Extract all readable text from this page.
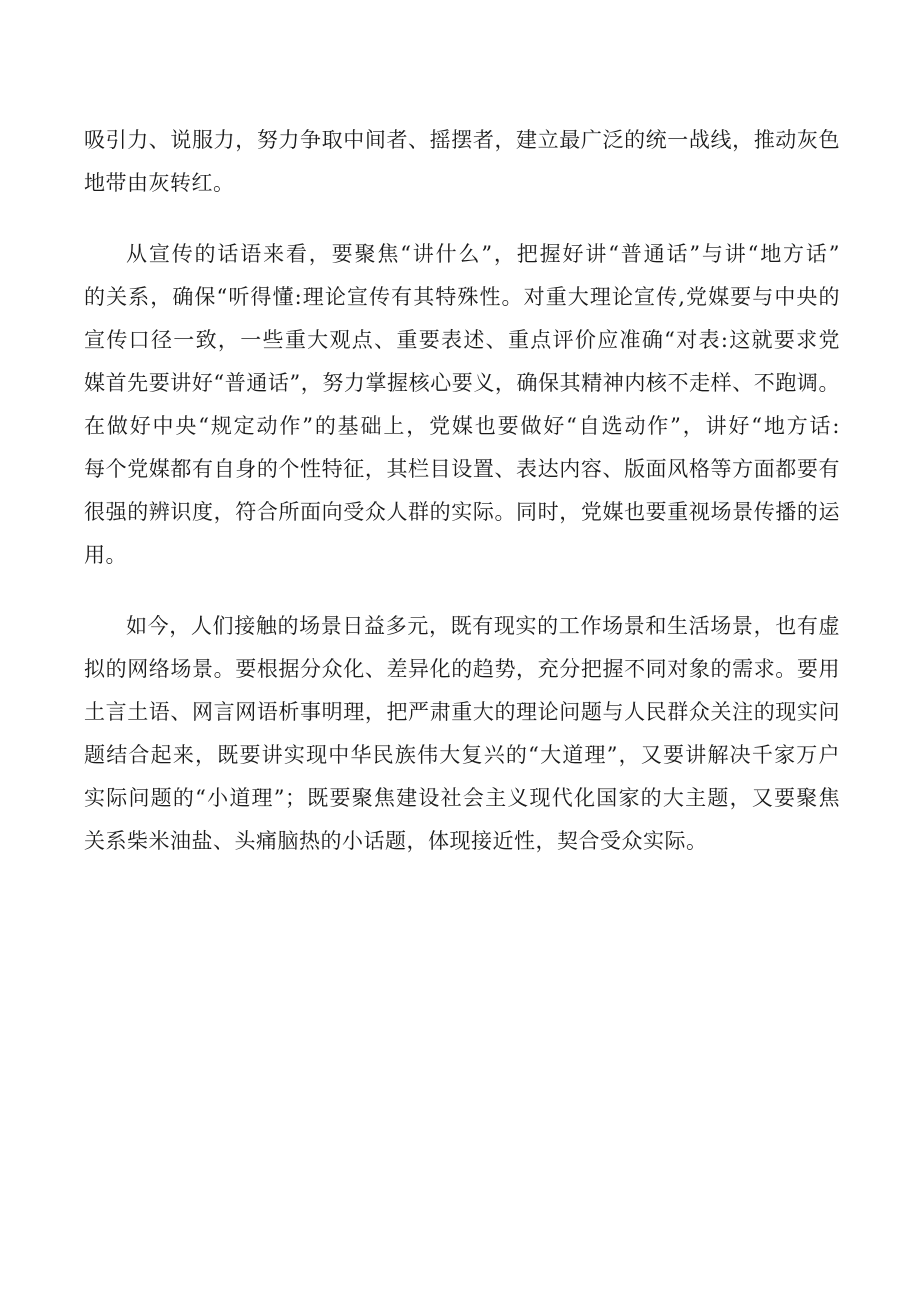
吸引力、说服力，努力争取中间者、摇摆者，建立最广泛的统一战线，推动灰色
地带由灰转红。
从宣传的话语来看，要聚焦“讲什么”，把握好讲“普通话”与讲“地方话”
的关系，确保“听得懂:理论宣传有其特殊性。对重大理论宣传,党媒要与中央的
宣传口径一致，一些重大观点、重要表述、重点评价应准确“对表:这就要求党
媒首先要讲好“普通话”，努力掌握核心要义，确保其精神内核不走样、不跑调。
在做好中央“规定动作”的基础上，党媒也要做好“自选动作”，讲好“地方话:
每个党媒都有自身的个性特征，其栏目设置、表达内容、版面风格等方面都要有
很强的辨识度，符合所面向受众人群的实际。同时，党媒也要重视场景传播的运
用。
如今，人们接触的场景日益多元，既有现实的工作场景和生活场景，也有虚
拟的网络场景。要根据分众化、差异化的趋势，充分把握不同对象的需求。要用
土言土语、网言网语析事明理，把严肃重大的理论问题与人民群众关注的现实问
题结合起来，既要讲实现中华民族伟大复兴的“大道理”，又要讲解决千家万户
实际问题的“小道理”；既要聚焦建设社会主义现代化国家的大主题，又要聚焦
关系柴米油盐、头痛脑热的小话题，体现接近性，契合受众实际。
